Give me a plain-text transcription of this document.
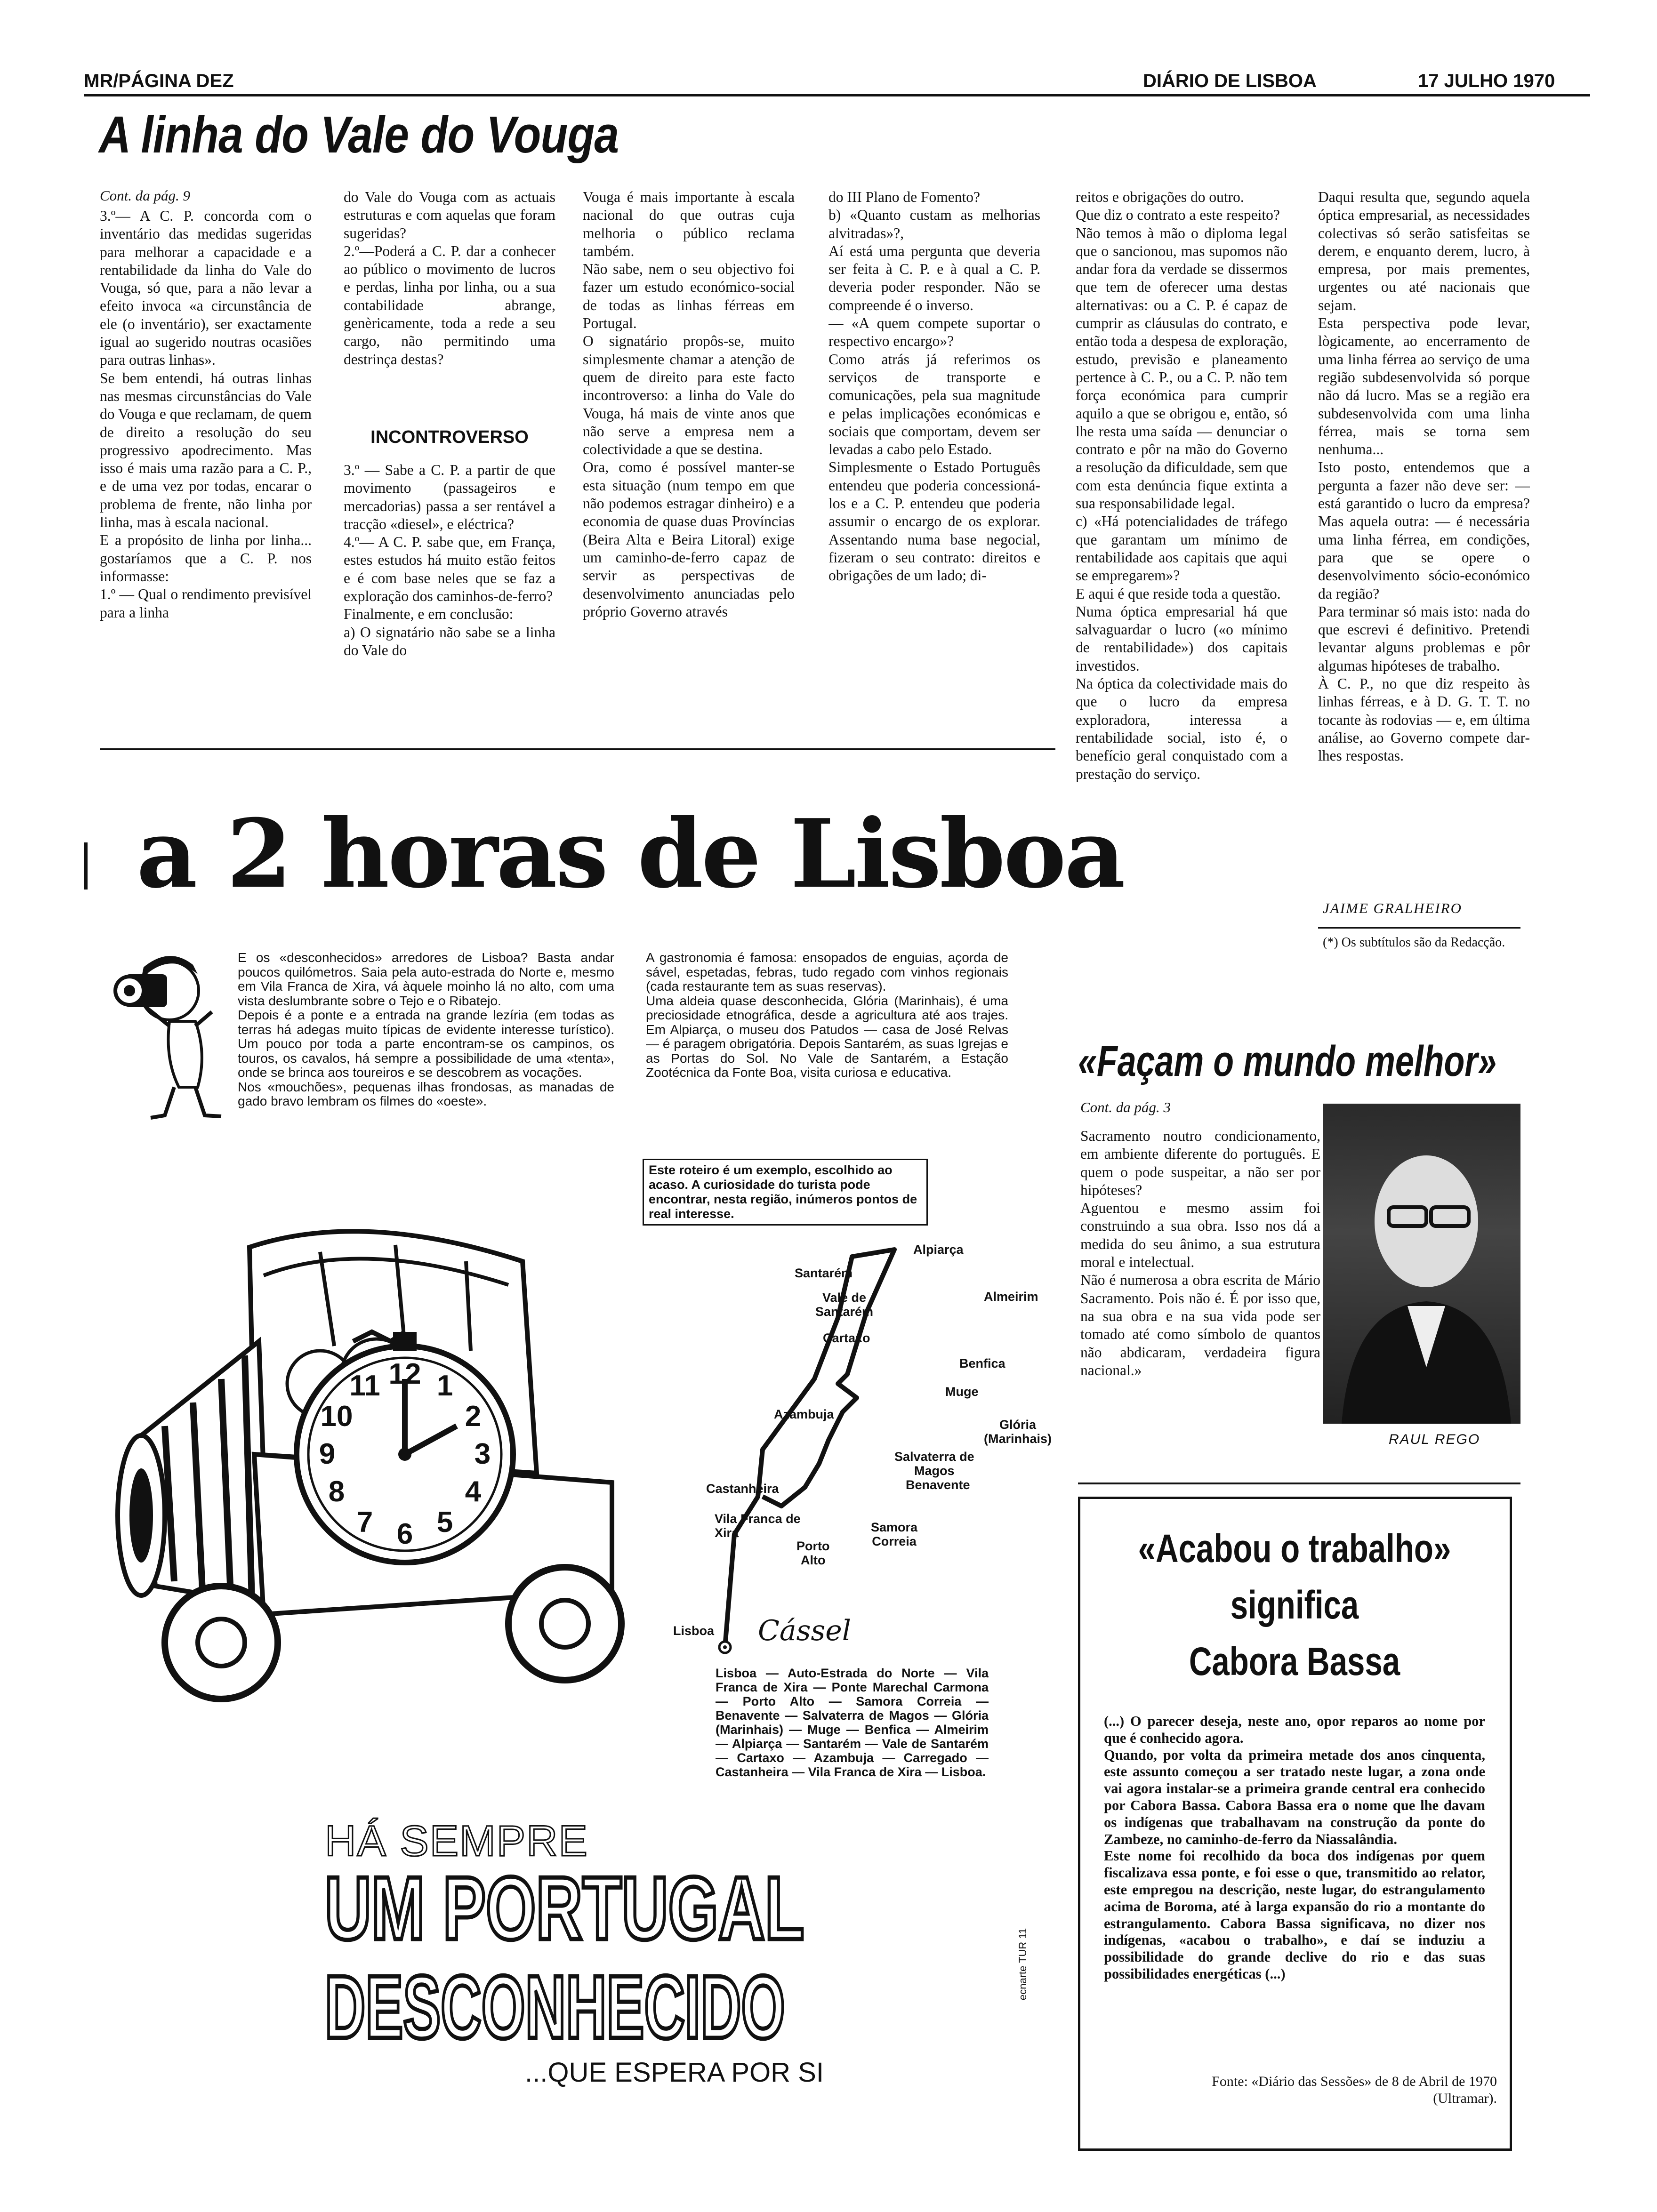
MR/PÁGINA DEZ	DIÁRIO DE LISBOA	17 JULHO 1970
A linha do Vale do Vouga
Cont. da pág. 9
3.º— A C. P. concorda com o inventário das medidas sugeridas para melhorar a capacidade e a rentabilidade da linha do Vale do Vouga, só que, para a não levar a efeito invoca «a circunstância de ele (o inventário), ser exactamente igual ao sugerido noutras ocasiões para outras linhas».
Se bem entendi, há outras linhas nas mesmas circunstâncias do Vale do Vouga e que reclamam, de quem de direito a resolução do seu progressivo apodrecimento. Mas isso é mais uma razão para a C. P., e de uma vez por todas, encarar o problema de frente, não linha por linha, mas à escala nacional.
E a propósito de linha por linha... gostaríamos que a C. P. nos informasse:
1.º — Qual o rendimento previsível para a linha
do Vale do Vouga com as actuais estruturas e com aquelas que foram sugeridas?
2.º—Poderá a C. P. dar a conhecer ao público o movimento de lucros e perdas, linha por linha, ou a sua contabilidade abrange, genèricamente, toda a rede a seu cargo, não permitindo uma destrinça destas?
INCONTROVERSO
3.º — Sabe a C. P. a partir de que movimento (passageiros e mercadorias) passa a ser rentável a tracção «diesel», e eléctrica?
4.º— A C. P. sabe que, em França, estes estudos há muito estão feitos e é com base neles que se faz a exploração dos caminhos-de-ferro?
Finalmente, e em conclusão:
a) O signatário não sabe se a linha do Vale do
Vouga é mais importante à escala nacional do que outras cuja melhoria o público reclama também.
Não sabe, nem o seu objectivo foi fazer um estudo económico-social de todas as linhas férreas em Portugal.
O signatário propôs-se, muito simplesmente chamar a atenção de quem de direito para este facto incontroverso: a linha do Vale do Vouga, há mais de vinte anos que não serve a empresa nem a colectividade a que se destina.
Ora, como é possível manter-se esta situação (num tempo em que não podemos estragar dinheiro) e a economia de quase duas Províncias (Beira Alta e Beira Litoral) exige um caminho-de-ferro capaz de servir as perspectivas de desenvolvimento anunciadas pelo próprio Governo através
do III Plano de Fomento?
b) «Quanto custam as melhorias alvitradas»?,
Aí está uma pergunta que deveria ser feita à C. P. e à qual a C. P. deveria poder responder. Não se compreende é o inverso.
— «A quem compete suportar o respectivo encargo»?
Como atrás já referimos os serviços de transporte e comunicações, pela sua magnitude e pelas implicações económicas e sociais que comportam, devem ser levadas a cabo pelo Estado.
Simplesmente o Estado Português entendeu que poderia concessioná-los e a C. P. entendeu que poderia assumir o encargo de os explorar. Assentando numa base negocial, fizeram o seu contrato: direitos e obrigações de um lado; di-
reitos e obrigações do outro.
Que diz o contrato a este respeito?
Não temos à mão o diploma legal que o sancionou, mas supomos não andar fora da verdade se dissermos que tem de oferecer uma destas alternativas: ou a C. P. é capaz de cumprir as cláusulas do contrato, e então toda a despesa de exploração, estudo, previsão e planeamento pertence à C. P., ou a C. P. não tem força económica para cumprir aquilo a que se obrigou e, então, só lhe resta uma saída — denunciar o contrato e pôr na mão do Governo a resolução da dificuldade, sem que com esta denúncia fique extinta a sua responsabilidade legal.
c) «Há potencialidades de tráfego que garantam um mínimo de rentabilidade aos capitais que aqui se empregarem»?
E aqui é que reside toda a questão.
Numa óptica empresarial há que salvaguardar o lucro («o mínimo de rentabilidade») dos capitais investidos.
Na óptica da colectividade mais do que o lucro da empresa exploradora, interessa a rentabilidade social, isto é, o benefício geral conquistado com a prestação do serviço.
Daqui resulta que, segundo aquela óptica empresarial, as necessidades colectivas só serão satisfeitas se derem, e enquanto derem, lucro, à empresa, por mais prementes, urgentes ou até nacionais que sejam.
Esta perspectiva pode levar, lògicamente, ao encerramento de uma linha férrea ao serviço de uma região subdesenvolvida só porque não dá lucro. Mas se a região era subdesenvolvida com uma linha férrea, mais se torna sem nenhuma...
Isto posto, entendemos que a pergunta a fazer não deve ser: — está garantido o lucro da empresa? Mas aquela outra: — é necessária uma linha férrea, em condições, para que se opere o desenvolvimento sócio-económico da região?
Para terminar só mais isto: nada do que escrevi é definitivo. Pretendi levantar alguns problemas e pôr algumas hipóteses de trabalho.
À C. P., no que diz respeito às linhas férreas, e à D. G. T. T. no tocante às rodovias — e, em última análise, ao Governo compete dar-lhes respostas.
JAIME GRALHEIRO
(*) Os subtítulos são da Redacção.
a 2 horas de Lisboa
E os «desconhecidos» arredores de Lisboa? Basta andar poucos quilómetros. Saia pela auto-estrada do Norte e, mesmo em Vila Franca de Xira, vá àquele moinho lá no alto, com uma vista deslumbrante sobre o Tejo e o Ribatejo.
Depois é a ponte e a entrada na grande lezíria (em todas as terras há adegas muito típicas de evidente interesse turístico). Um pouco por toda a parte encontram-se os campinos, os touros, os cavalos, há sempre a possibilidade de uma «tenta», onde se brinca aos toureiros e se descobrem as vocações.
Nos «mouchões», pequenas ilhas frondosas, as manadas de gado bravo lembram os filmes do «oeste».
A gastronomia é famosa: ensopados de enguias, açorda de sável, espetadas, febras, tudo regado com vinhos regionais (cada restaurante tem as suas reservas).
Uma aldeia quase desconhecida, Glória (Marinhais), é uma preciosidade etnográfica, desde a agricultura até aos trajes. Em Alpiarça, o museu dos Patudos — casa de José Relvas — é paragem obrigatória. Depois Santarém, as suas Igrejas e as Portas do Sol. No Vale de Santarém, a Estação Zootécnica da Fonte Boa, visita curiosa e educativa.
Este roteiro é um exemplo, escolhido ao acaso. A curiosidade do turista pode encontrar, nesta região, inúmeros pontos de real interesse.
12 1
2
3
4
5
6
7
8
9
10
11
Alpiarça
Santarém
Almeirim
Vale de
Santarém
Cartaxo
Benfica
Muge
Azambuja
Glória
(Marinhais)
Salvaterra de
Magos
Benavente
Castanheira
Vila Franca de
Xira	Samora
Correia
Porto
Alto
Lisboa Cássel
Lisboa — Auto-Estrada do Norte — Vila Franca de Xira — Ponte Marechal Carmona — Porto Alto — Samora Correia — Benavente — Salvaterra de Magos — Glória (Marinhais) — Muge — Benfica — Almeirim — Alpiarça — Santarém — Vale de Santarém — Cartaxo — Azambuja — Carregado — Castanheira — Vila Franca de Xira — Lisboa.
HÁ SEMPRE
UM PORTUGAL
DESCONHECIDO
...QUE ESPERA POR SI
ecnarte TUR 11
«Façam o mundo melhor»
Cont. da pág. 3
Sacramento noutro condicionamento, em ambiente diferente do português. E quem o pode suspeitar, a não ser por hipóteses?
Aguentou e mesmo assim foi construindo a sua obra. Isso nos dá a medida do seu ânimo, a sua estrutura moral e intelectual.
Não é numerosa a obra escrita de Mário Sacramento. Pois não é. É por isso que, na sua obra e na sua vida pode ser tomado até como símbolo de quantos não abdicaram, verdadeira figura nacional.»
RAUL REGO
«Acabou o trabalho»
significa
Cabora Bassa
(...) O parecer deseja, neste ano, opor reparos ao nome por que é conhecido agora.
Quando, por volta da primeira metade dos anos cinquenta, este assunto começou a ser tratado neste lugar, a zona onde vai agora instalar-se a primeira grande central era conhecido por Cabora Bassa. Cabora Bassa era o nome que lhe davam os indígenas que trabalhavam na construção da ponte do Zambeze, no caminho-de-ferro da Niassalândia.
Este nome foi recolhido da boca dos indígenas por quem fiscalizava essa ponte, e foi esse o que, transmitido ao relator, este empregou na descrição, neste lugar, do estrangulamento acima de Boroma, até à larga expansão do rio a montante do estrangulamento. Cabora Bassa significava, no dizer nos indígenas, «acabou o trabalho», e daí se induziu a possibilidade do grande declive do rio e das suas possibilidades energéticas (...)
Fonte: «Diário das Sessões» de 8 de Abril de 1970 (Ultramar).
